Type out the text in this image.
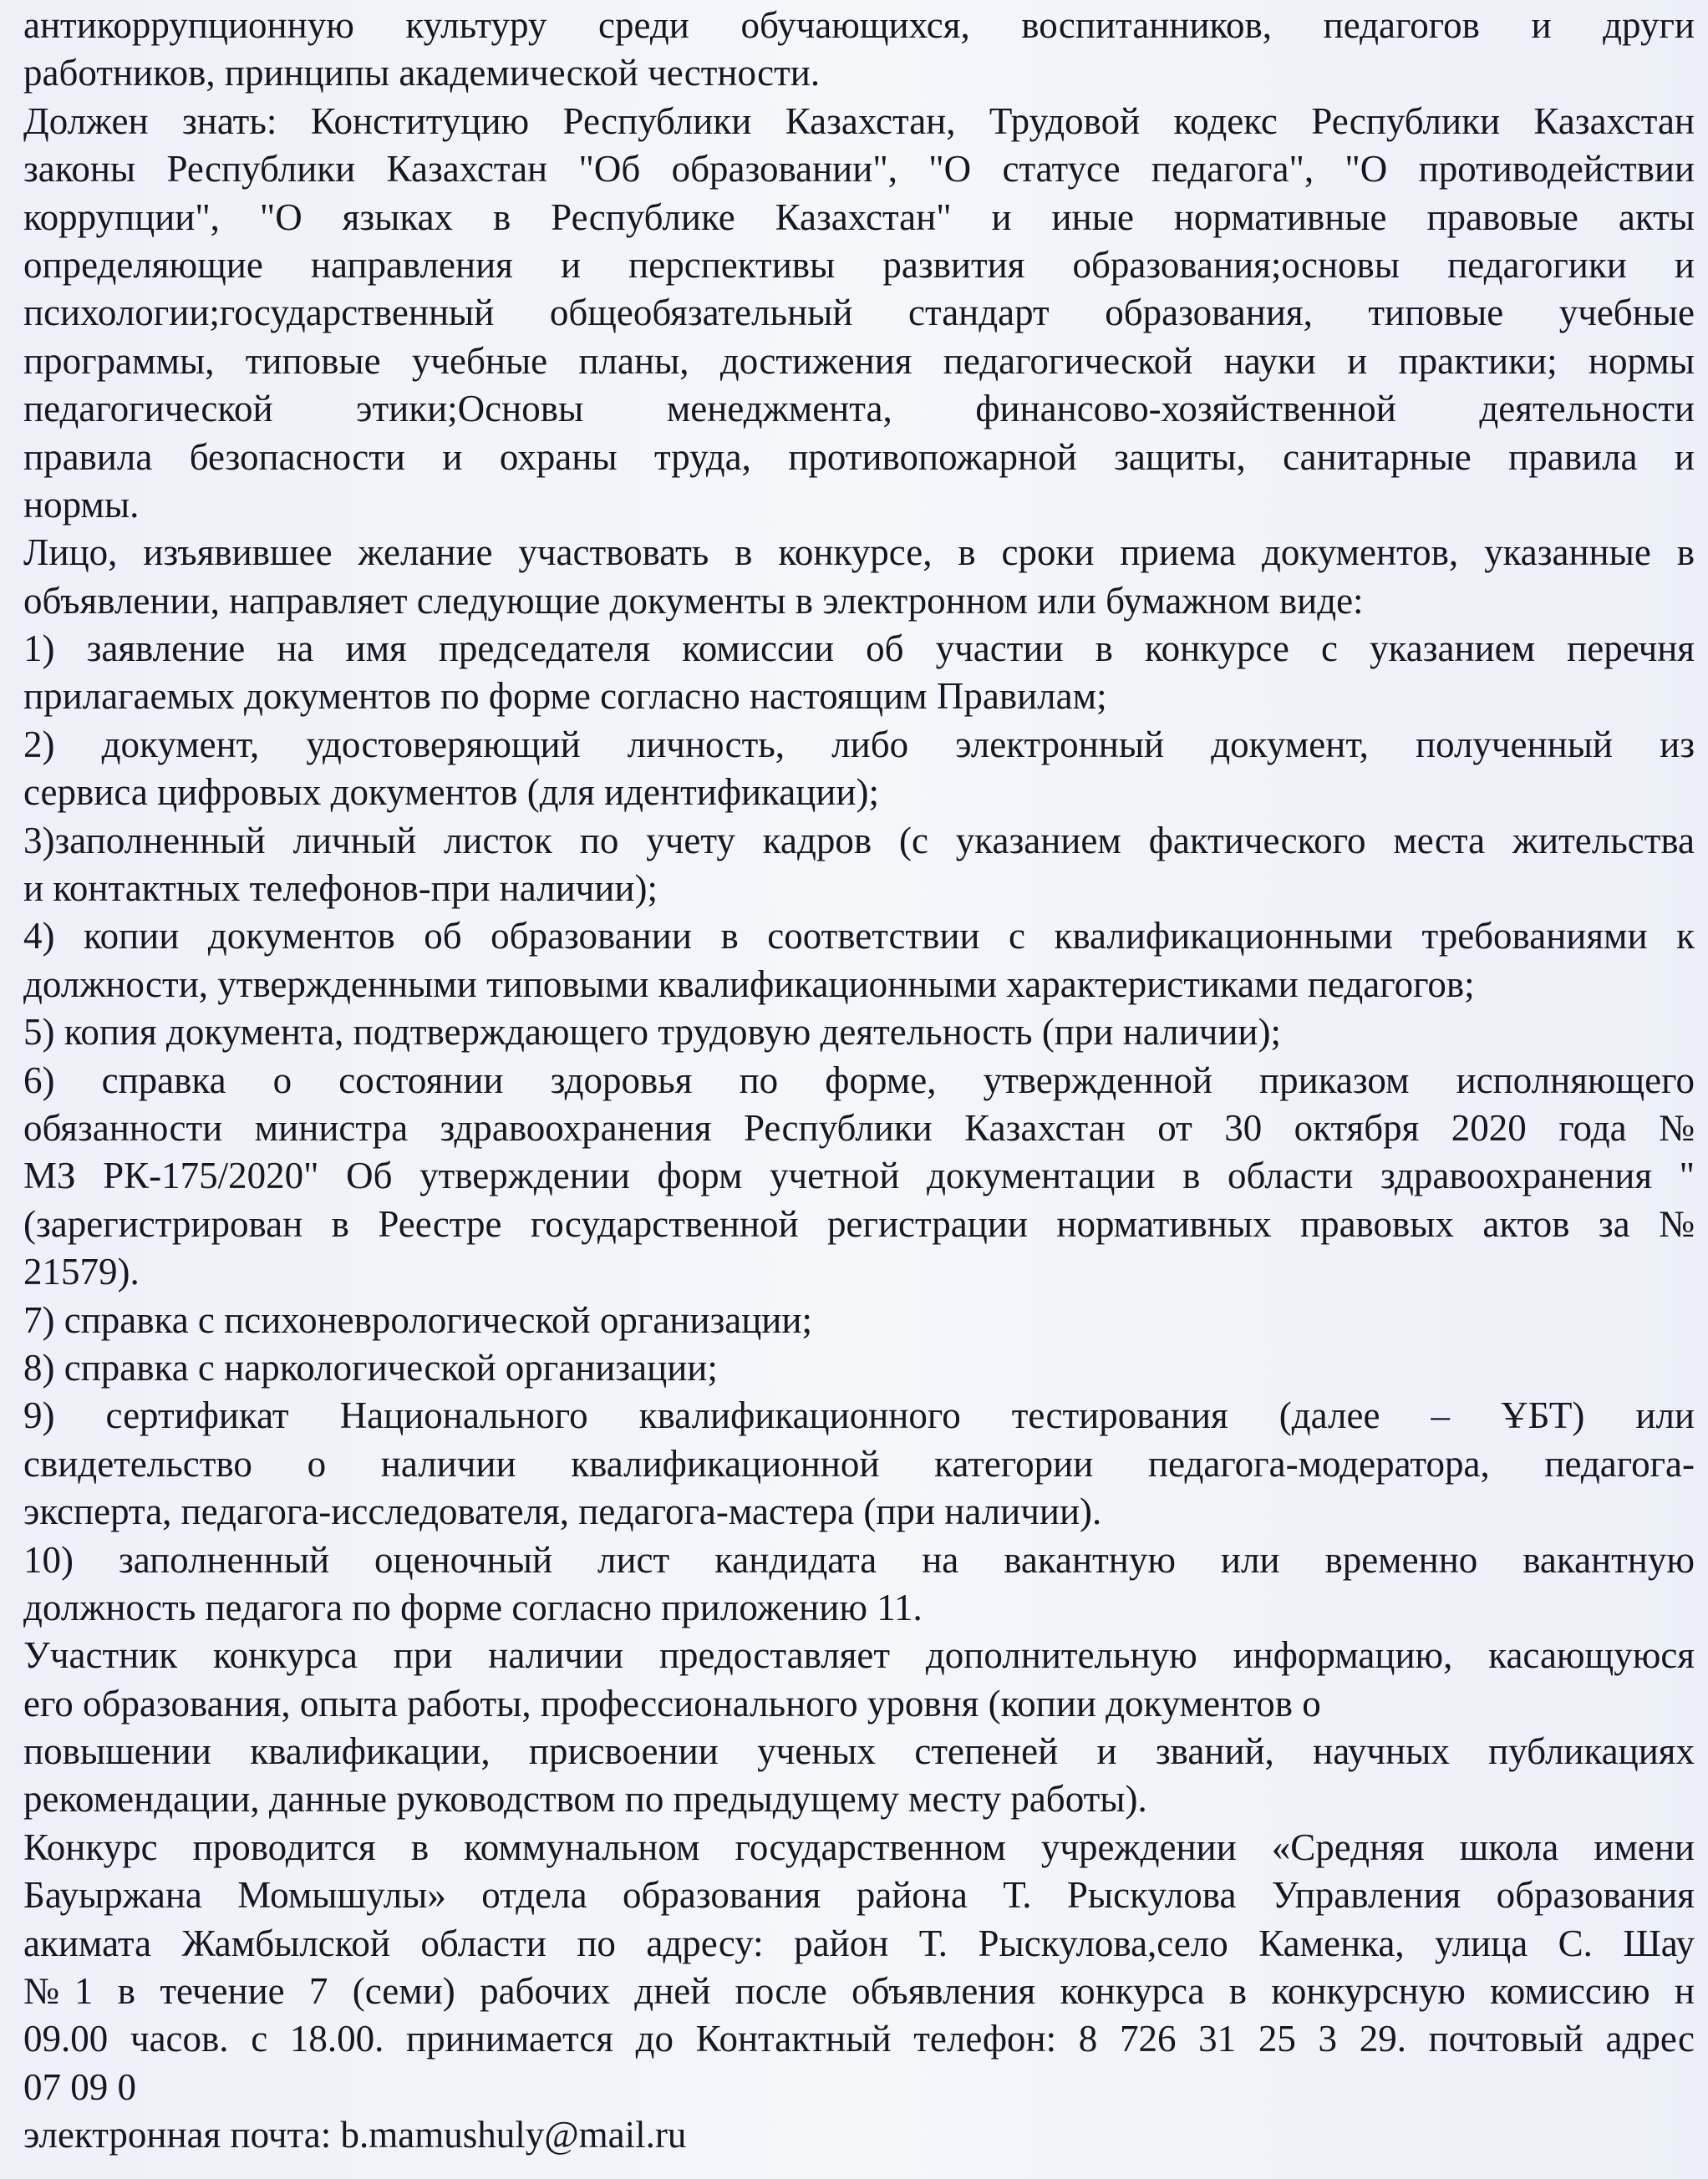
антикоррупционную культуру среди обучающихся, воспитанников, педагогов и други
работников, принципы академической честности.
Должен знать: Конституцию Республики Казахстан, Трудовой кодекс Республики Казахстан
законы Республики Казахстан "Об образовании", "О статусе педагога", "О противодействии
коррупции", "О языках в Республике Казахстан" и иные нормативные правовые акты
определяющие направления и перспективы развития образования;основы педагогики и
психологии;государственный общеобязательный стандарт образования, типовые учебные
программы, типовые учебные планы, достижения педагогической науки и практики; нормы
педагогической этики;Основы менеджмента, финансово-хозяйственной деятельности
правила безопасности и охраны труда, противопожарной защиты, санитарные правила и
нормы.
Лицо, изъявившее желание участвовать в конкурсе, в сроки приема документов, указанные в
объявлении, направляет следующие документы в электронном или бумажном виде:
1) заявление на имя председателя комиссии об участии в конкурсе с указанием перечня
прилагаемых документов по форме согласно настоящим Правилам;
2) документ, удостоверяющий личность, либо электронный документ, полученный из
сервиса цифровых документов (для идентификации);
3)заполненный личный листок по учету кадров (с указанием фактического места жительства
и контактных телефонов-при наличии);
4) копии документов об образовании в соответствии с квалификационными требованиями к
должности, утвержденными типовыми квалификационными характеристиками педагогов;
5) копия документа, подтверждающего трудовую деятельность (при наличии);
6) справка о состоянии здоровья по форме, утвержденной приказом исполняющего
обязанности министра здравоохранения Республики Казахстан от 30 октября 2020 года №
МЗ РК-175/2020" Об утверждении форм учетной документации в области здравоохранения "
(зарегистрирован в Реестре государственной регистрации нормативных правовых актов за №
21579).
7) справка с психоневрологической организации;
8) справка с наркологической организации;
9) сертификат Национального квалификационного тестирования (далее – ҰБТ) или
свидетельство о наличии квалификационной категории педагога-модератора, педагога-
эксперта, педагога-исследователя, педагога-мастера (при наличии).
10) заполненный оценочный лист кандидата на вакантную или временно вакантную
должность педагога по форме согласно приложению 11.
Участник конкурса при наличии предоставляет дополнительную информацию, касающуюся
его образования, опыта работы, профессионального уровня (копии документов о
повышении квалификации, присвоении ученых степеней и званий, научных публикациях
рекомендации, данные руководством по предыдущему месту работы).
Конкурс проводится в коммунальном государственном учреждении «Средняя школа имени
Бауыржана Момышулы» отдела образования района Т. Рыскулова Управления образования
акимата Жамбылской области по адресу: район Т. Рыскулова,село Каменка, улица С. Шау
№1 в течение 7 (семи) рабочих дней после объявления конкурса в конкурсную комиссию н
09.00 часов. с 18.00. принимается до Контактный телефон: 8 726 31 25 3 29. почтовый адрес
07 09 0
электронная почта: b.mamushuly@mail.ru
